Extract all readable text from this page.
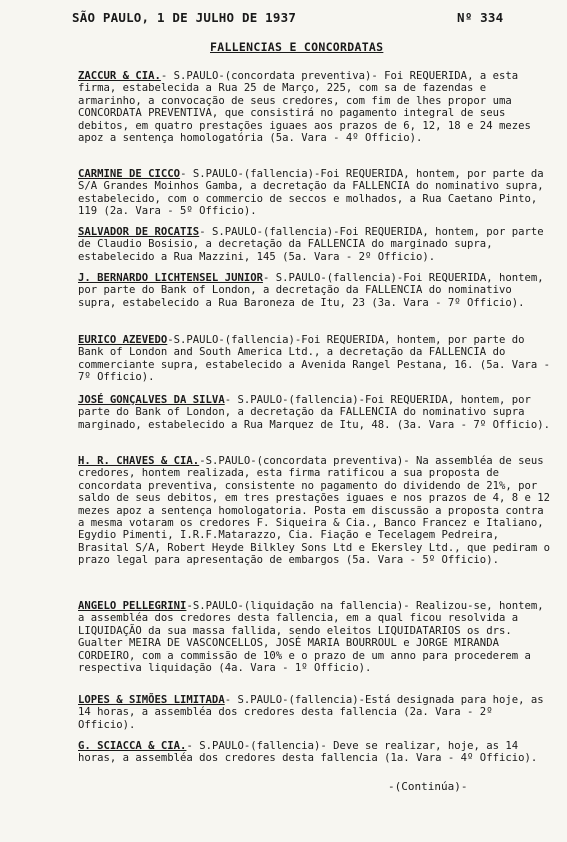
SÃO PAULO, 1 DE JULHO DE 1937	Nº 334
FALLENCIAS E CONCORDATAS
ZACCUR & CIA.- S.PAULO-(concordata preventiva)- Foi REQUERIDA, a esta firma, estabelecida a Rua 25 de Março, 225, com sa de fazendas e armarinho, a convocação de seus credores, com fim de lhes propor uma CONCORDATA PREVENTIVA, que consistirá no pagamento integral de seus debitos, em quatro prestações iguaes aos prazos de 6, 12, 18 e 24 mezes apoz a sentença homologatória (5a. Vara - 4º Officio).
CARMINE DE CICCO- S.PAULO-(fallencia)-Foi REQUERIDA, hontem, por parte da S/A Grandes Moinhos Gamba, a decretação da FALLENCIA do nominativo supra, estabelecido, com o commercio de seccos e molhados, a Rua Caetano Pinto, 119 (2a. Vara - 5º Officio).
SALVADOR DE ROCATIS- S.PAULO-(fallencia)-Foi REQUERIDA, hontem, por parte de Claudio Bosisio, a decretação da FALLENCIA do marginado supra, estabelecido a Rua Mazzini, 145 (5a. Vara - 2º Officio).
J. BERNARDO LICHTENSEL JUNIOR- S.PAULO-(fallencia)-Foi REQUERIDA, hontem, por parte do Bank of London, a decretação da FALLENCIA do nominativo supra, estabelecido a Rua Baroneza de Itu, 23 (3a. Vara - 7º Officio).
EURICO AZEVEDO-S.PAULO-(fallencia)-Foi REQUERIDA, hontem, por parte do Bank of London and South America Ltd., a decretação da FALLENCIA do commerciante supra, estabelecido a Avenida Rangel Pestana, 16. (5a. Vara - 7º Officio).
JOSÉ GONÇALVES DA SILVA- S.PAULO-(fallencia)-Foi REQUERIDA, hontem, por parte do Bank of London, a decretação da FALLENCIA do nominativo supra marginado, estabelecido a Rua Marquez de Itu, 48. (3a. Vara - 7º Officio).
H. R. CHAVES & CIA.-S.PAULO-(concordata preventiva)- Na assembléa de seus credores, hontem realizada, esta firma ratificou a sua proposta de concordata preventiva, consistente no pagamento do dividendo de 21%, por saldo de seus debitos, em tres prestações iguaes e nos prazos de 4, 8 e 12 mezes apoz a sentença homologatoria. Posta em discussão a proposta contra a mesma votaram os credores F. Siqueira & Cia., Banco Francez e Italiano, Egydio Pimenti, I.R.F.Matarazzo, Cia. Fiação e Tecelagem Pedreira, Brasital S/A, Robert Heyde Bilkley Sons Ltd e Ekersley Ltd., que pediram o prazo legal para apresentação de embargos (5a. Vara - 5º Officio).
ANGELO PELLEGRINI-S.PAULO-(liquidação na fallencia)- Realizou-se, hontem, a assembléa dos credores desta fallencia, em a qual ficou resolvida a LIQUIDAÇÃO da sua massa fallida, sendo eleitos LIQUIDATARIOS os drs. Gualter MEIRA DE VASCONCELLOS, JOSÉ MARIA BOURROUL e JORGE MIRANDA CORDEIRO, com a commissão de 10% e o prazo de um anno para procederem a respectiva liquidação (4a. Vara - 1º Officio).
LOPES & SIMÕES LIMITADA- S.PAULO-(fallencia)-Está designada para hoje, as 14 horas, a assembléa dos credores desta fallencia (2a. Vara - 2º Officio).
G. SCIACCA & CIA.- S.PAULO-(fallencia)- Deve se realizar, hoje, as 14 horas, a assembléa dos credores desta fallencia (1a. Vara - 4º Officio).
-(Continúa)-
